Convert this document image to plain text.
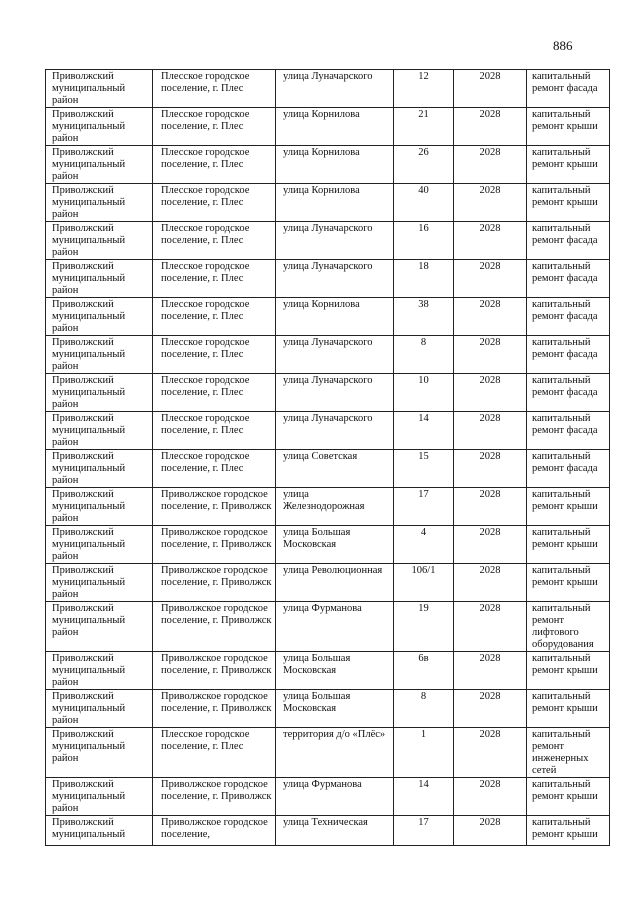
886
Приволжский муниципальный район	Плесское городское поселение, г. Плес	улица Луначарского	12	2028	капитальный ремонт фасада

Приволжский муниципальный район	Плесское городское поселение, г. Плес	улица Корнилова	21	2028	капитальный ремонт крыши

Приволжский муниципальный район	Плесское городское поселение, г. Плес	улица Корнилова	26	2028	капитальный ремонт крыши

Приволжский муниципальный район	Плесское городское поселение, г. Плес	улица Корнилова	40	2028	капитальный ремонт крыши

Приволжский муниципальный район	Плесское городское поселение, г. Плес	улица Луначарского	16	2028	капитальный ремонт фасада

Приволжский муниципальный район	Плесское городское поселение, г. Плес	улица Луначарского	18	2028	капитальный ремонт фасада

Приволжский муниципальный район	Плесское городское поселение, г. Плес	улица Корнилова	38	2028	капитальный ремонт фасада

Приволжский муниципальный район	Плесское городское поселение, г. Плес	улица Луначарского	8	2028	капитальный ремонт фасада

Приволжский муниципальный район	Плесское городское поселение, г. Плес	улица Луначарского	10	2028	капитальный ремонт фасада

Приволжский муниципальный район	Плесское городское поселение, г. Плес	улица Луначарского	14	2028	капитальный ремонт фасада

Приволжский муниципальный район	Плесское городское поселение, г. Плес	улица Советская	15	2028	капитальный ремонт фасада

Приволжский муниципальный район	Приволжское городское поселение, г. Приволжск	улица Железнодорожная	17	2028	капитальный ремонт крыши

Приволжский муниципальный район	Приволжское городское поселение, г. Приволжск	улица Большая Московская	4	2028	капитальный ремонт крыши

Приволжский муниципальный район	Приволжское городское поселение, г. Приволжск	улица Революционная	106/1	2028	капитальный ремонт крыши

Приволжский муниципальный район	Приволжское городское поселение, г. Приволжск	улица Фурманова	19	2028	капитальный ремонт лифтового оборудования

Приволжский муниципальный район	Приволжское городское поселение, г. Приволжск	улица Большая Московская	6в	2028	капитальный ремонт крыши

Приволжский муниципальный район	Приволжское городское поселение, г. Приволжск	улица Большая Московская	8	2028	капитальный ремонт крыши

Приволжский муниципальный район	Плесское городское поселение, г. Плес	территория д/о «Плёс»	1	2028	капитальный ремонт инженерных сетей

Приволжский муниципальный район	Приволжское городское поселение, г. Приволжск	улица Фурманова	14	2028	капитальный ремонт крыши

Приволжский муниципальный	Приволжское городское поселение,	улица Техническая	17	2028	капитальный ремонт крыши
